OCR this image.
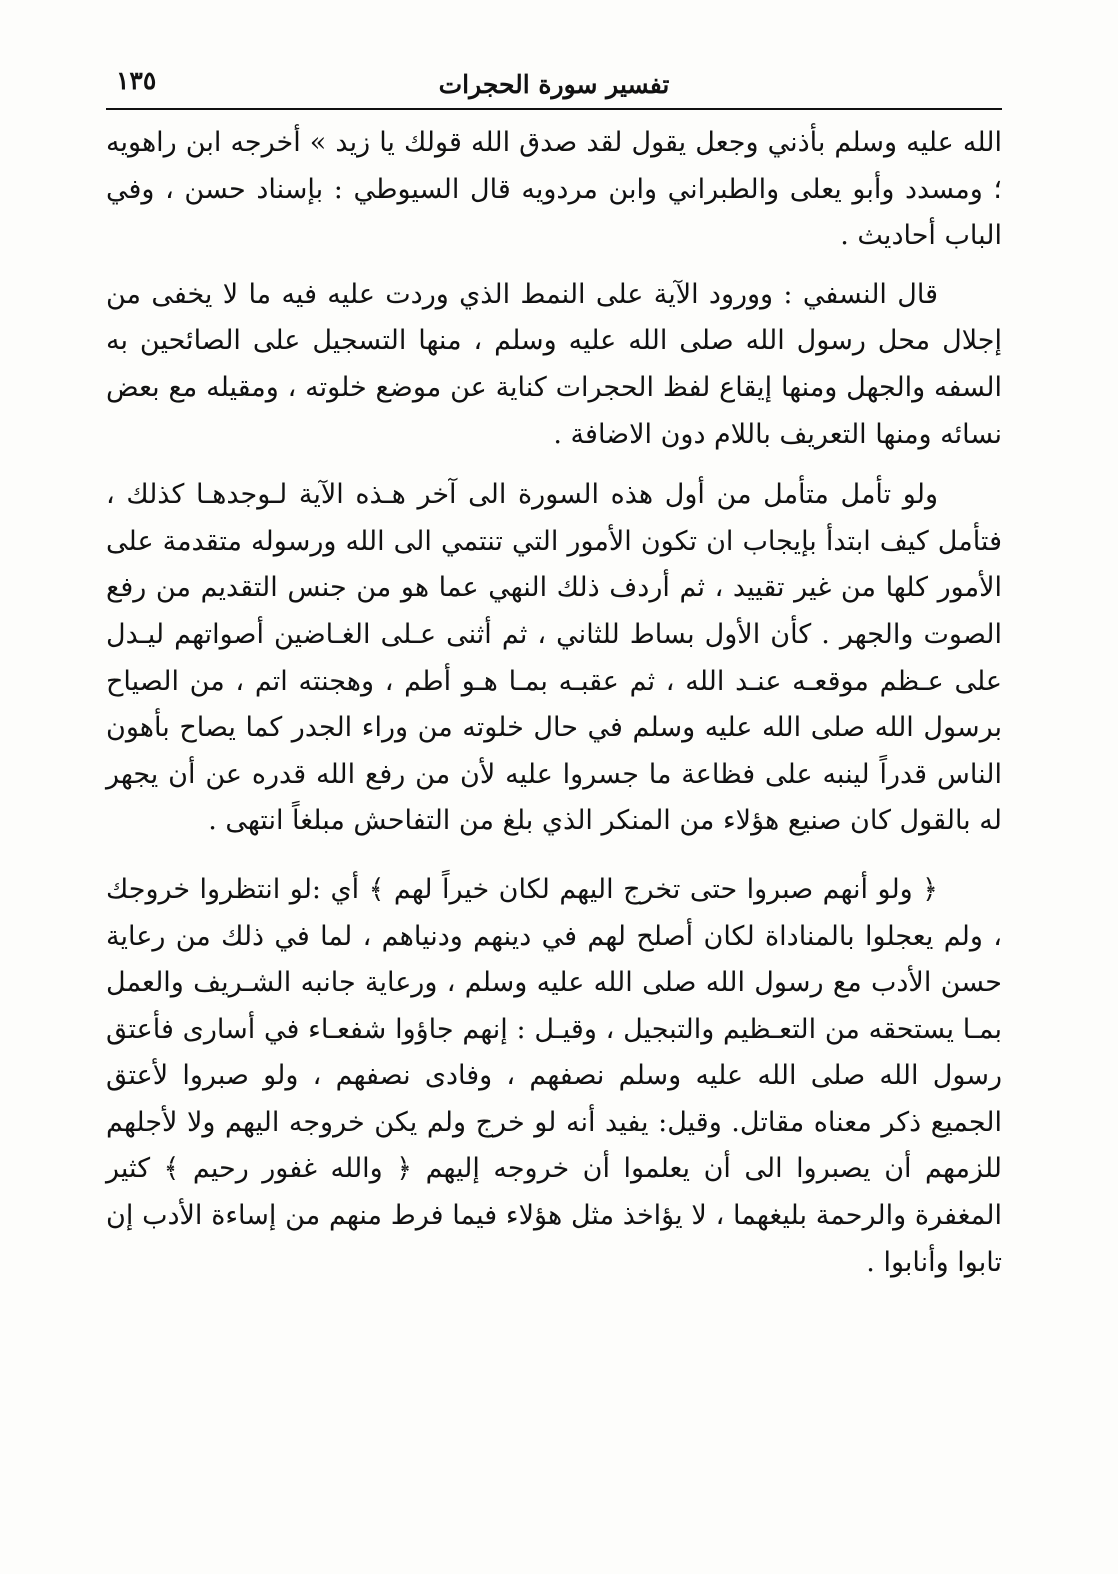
١٣٥	تفسير سورة الحجرات

الله عليه وسلم بأذني وجعل يقول لقد صدق الله قولك يا زيد » أخرجه ابن راهويه ؛ ومسدد وأبو يعلى والطبراني وابن مردويه قال السيوطي : بإسناد حسن ، وفي الباب أحاديث .

قال النسفي : وورود الآية على النمط الذي وردت عليه فيه ما لا يخفى من إجلال محل رسول الله صلى الله عليه وسلم ، منها التسجيل على الصائحين به السفه والجهل ومنها إيقاع لفظ الحجرات كناية عن موضع خلوته ، ومقيله مع بعض نسائه ومنها التعريف باللام دون الاضافة .

ولو تأمل متأمل من أول هذه السورة الى آخر هـذه الآية لـوجدهـا كذلك ، فتأمل كيف ابتدأ بإيجاب ان تكون الأمور التي تنتمي الى الله ورسوله متقدمة على الأمور كلها من غير تقييد ، ثم أردف ذلك النهي عما هو من جنس التقديم من رفع الصوت والجهر . كأن الأول بساط للثاني ، ثم أثنى عـلى الغـاضين أصواتهم ليـدل على عـظم موقعـه عنـد الله ، ثم عقبـه بمـا هـو أطم ، وهجنته اتم ، من الصياح برسول الله صلى الله عليه وسلم في حال خلوته من وراء الجدر كما يصاح بأهون الناس قدراً لينبه على فظاعة ما جسروا عليه لأن من رفع الله قدره عن أن يجهر له بالقول كان صنيع هؤلاء من المنكر الذي بلغ من التفاحش مبلغاً انتهى .

﴿ ولو أنهم صبروا حتى تخرج اليهم لكان خيراً لهم ﴾ أي :لو انتظروا خروجك ، ولم يعجلوا بالمناداة لكان أصلح لهم في دينهم ودنياهم ، لما في ذلك من رعاية حسن الأدب مع رسول الله صلى الله عليه وسلم ، ورعاية جانبه الشـريف والعمل بمـا يستحقه من التعـظيم والتبجيل ، وقيـل : إنهم جاؤوا شفعـاء في أسارى فأعتق رسول الله صلى الله عليه وسلم نصفهم ، وفادى نصفهم ، ولو صبروا لأعتق الجميع ذكر معناه مقاتل. وقيل: يفيد أنه لو خرج ولم يكن خروجه اليهم ولا لأجلهم للزمهم أن يصبروا الى أن يعلموا أن خروجه إليهم ﴿ والله غفور رحيم ﴾ كثير المغفرة والرحمة بليغهما ، لا يؤاخذ مثل هؤلاء فيما فرط منهم من إساءة الأدب إن تابوا وأنابوا .
